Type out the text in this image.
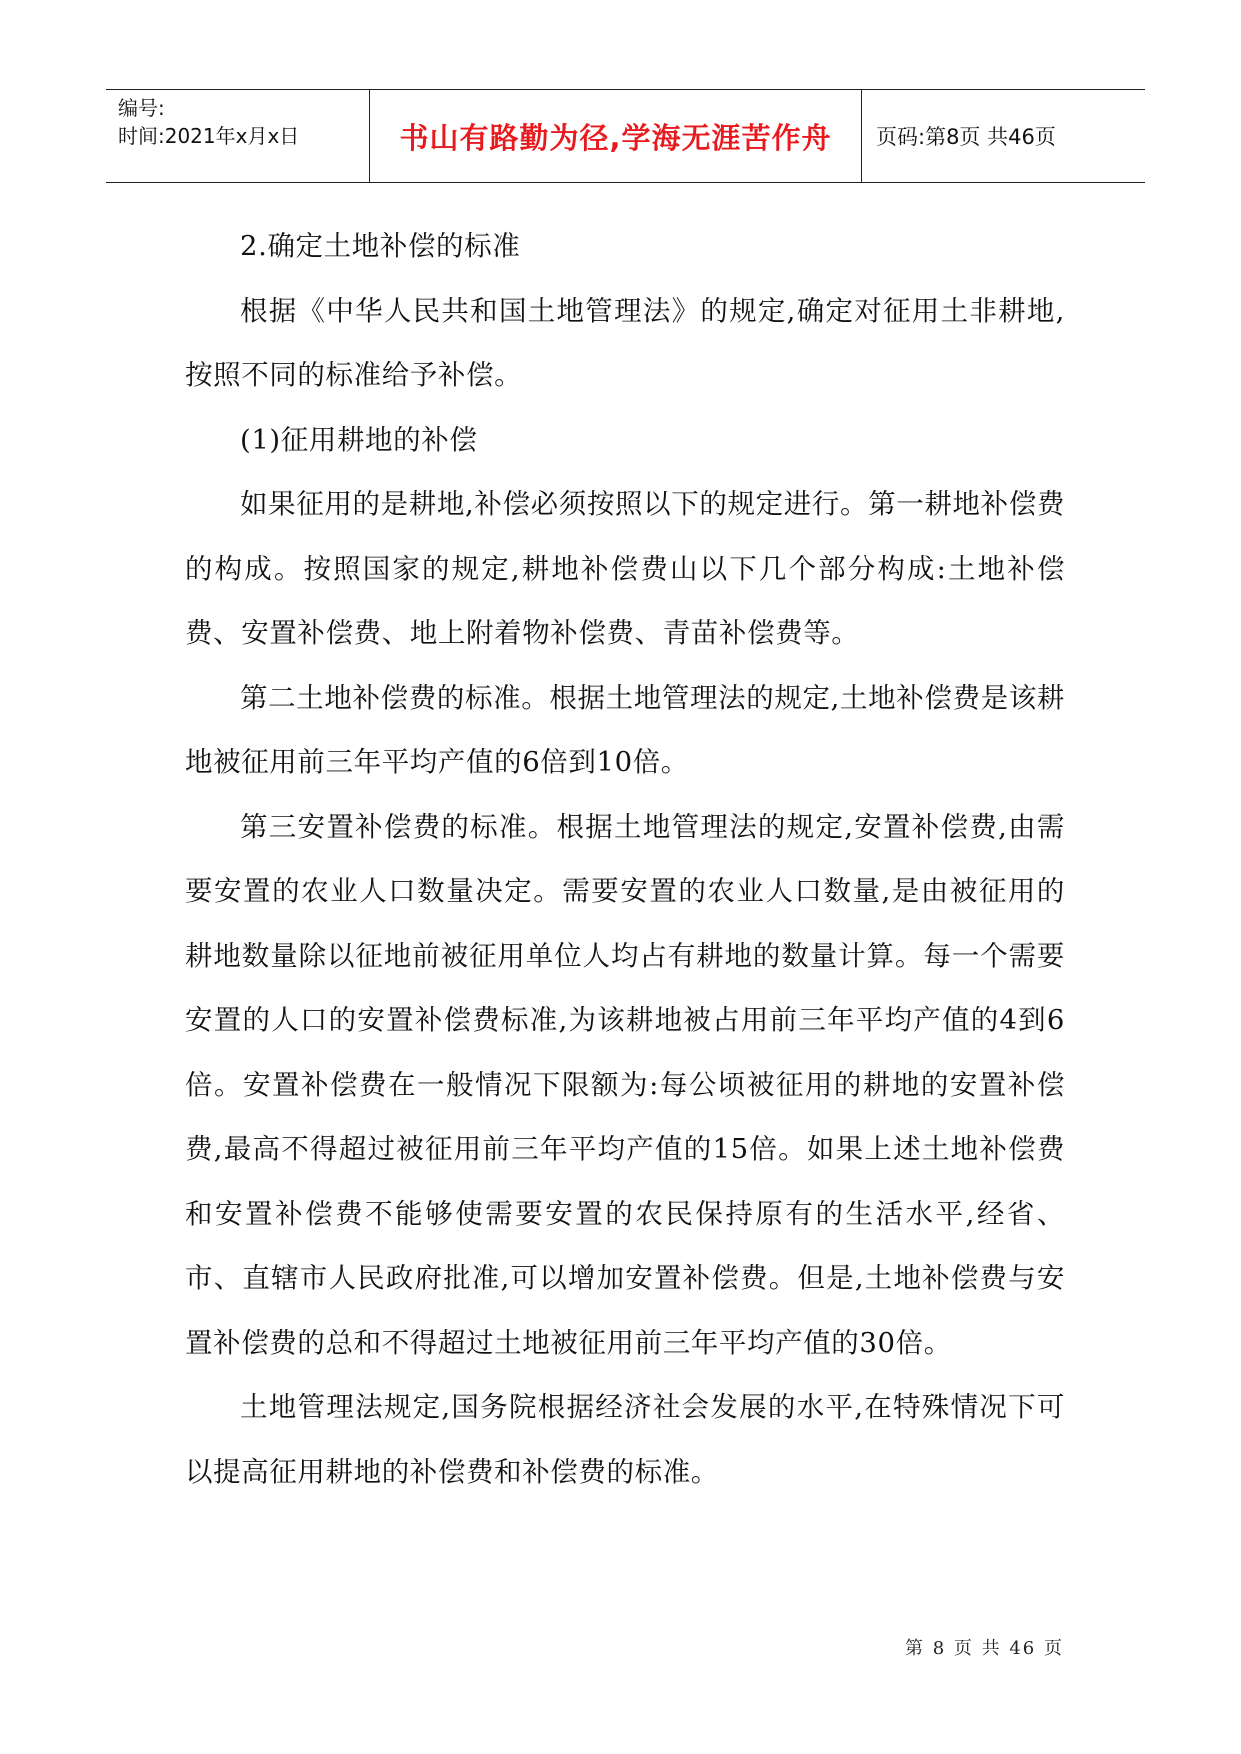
编号:
时间:2021年x月x日	书山有路勤为径,学海无涯苦作舟 页码:第8页 共46页

2.确定土地补偿的标准

根据《中华人民共和国土地管理法》的规定,确定对征用土非耕地,按照不同的标准给予补偿。

(1)征用耕地的补偿

如果征用的是耕地,补偿必须按照以下的规定进行。第一耕地补偿费的构成。按照国家的规定,耕地补偿费山以下几个部分构成:土地补偿费、安置补偿费、地上附着物补偿费、青苗补偿费等。

第二土地补偿费的标准。根据土地管理法的规定,土地补偿费是该耕地被征用前三年平均产值的6倍到10倍。

第三安置补偿费的标准。根据土地管理法的规定,安置补偿费,由需要安置的农业人口数量决定。需要安置的农业人口数量,是由被征用的耕地数量除以征地前被征用单位人均占有耕地的数量计算。每一个需要安置的人口的安置补偿费标准,为该耕地被占用前三年平均产值的4到6倍。安置补偿费在一般情况下限额为:每公顷被征用的耕地的安置补偿费,最高不得超过被征用前三年平均产值的15倍。如果上述土地补偿费和安置补偿费不能够使需要安置的农民保持原有的生活水平,经省、市、直辖市人民政府批准,可以增加安置补偿费。但是,土地补偿费与安置补偿费的总和不得超过土地被征用前三年平均产值的30倍。

土地管理法规定,国务院根据经济社会发展的水平,在特殊情况下可以提高征用耕地的补偿费和补偿费的标准。

第 8 页 共 46 页
